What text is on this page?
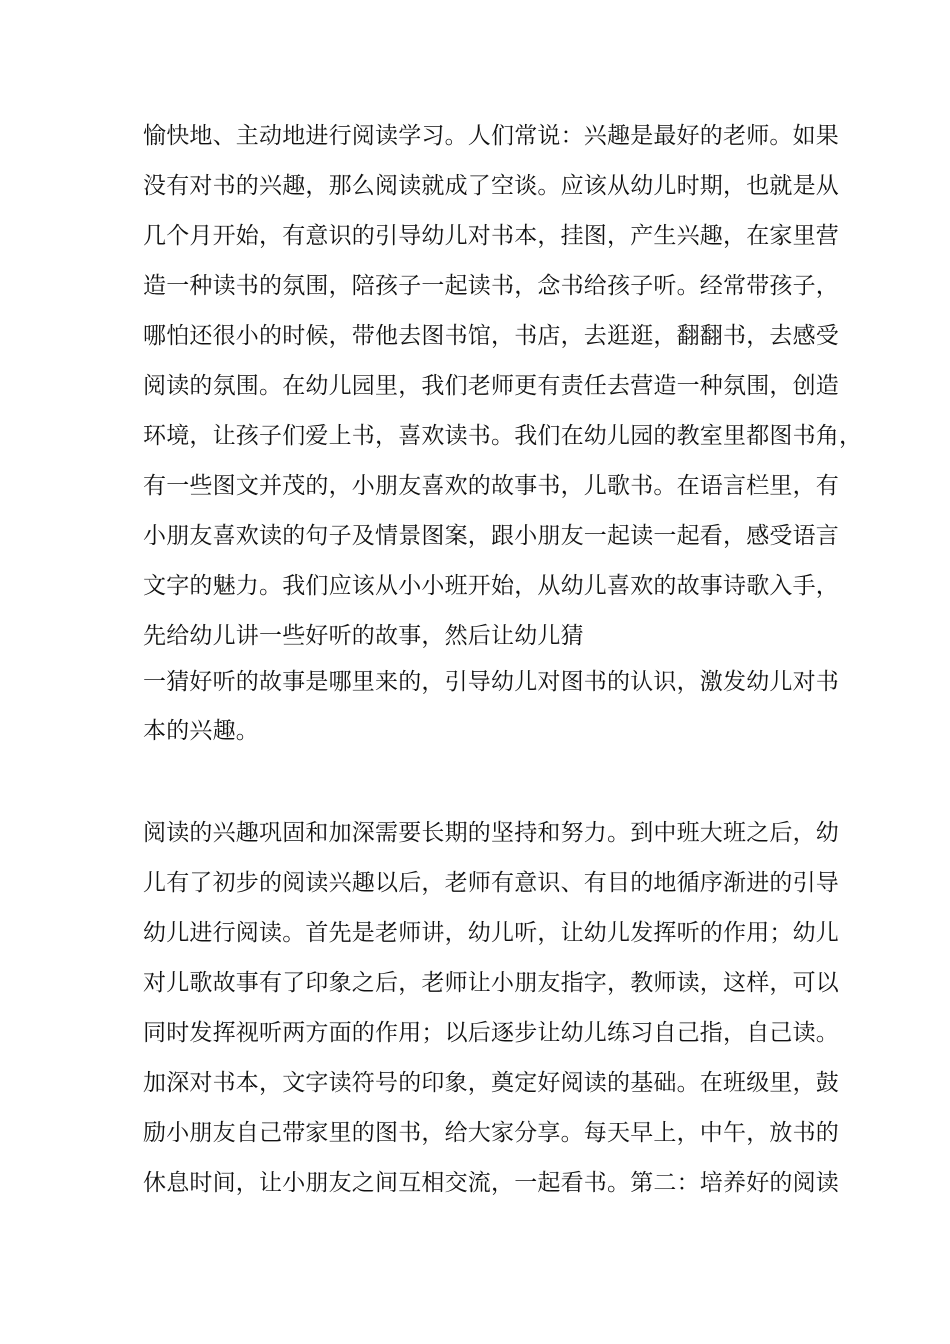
愉快地、主动地进行阅读学习。人们常说：兴趣是最好的老师。如果
没有对书的兴趣，那么阅读就成了空谈。应该从幼儿时期，也就是从
几个月开始，有意识的引导幼儿对书本，挂图，产生兴趣，在家里营
造一种读书的氛围，陪孩子一起读书，念书给孩子听。经常带孩子，
哪怕还很小的时候，带他去图书馆，书店，去逛逛，翻翻书，去感受
阅读的氛围。在幼儿园里，我们老师更有责任去营造一种氛围，创造
环境，让孩子们爱上书，喜欢读书。我们在幼儿园的教室里都图书角，
有一些图文并茂的，小朋友喜欢的故事书，儿歌书。在语言栏里，有
小朋友喜欢读的句子及情景图案，跟小朋友一起读一起看，感受语言
文字的魅力。我们应该从小小班开始，从幼儿喜欢的故事诗歌入手，
先给幼儿讲一些好听的故事，然后让幼儿猜
一猜好听的故事是哪里来的，引导幼儿对图书的认识，激发幼儿对书
本的兴趣。
阅读的兴趣巩固和加深需要长期的坚持和努力。到中班大班之后，幼
儿有了初步的阅读兴趣以后，老师有意识、有目的地循序渐进的引导
幼儿进行阅读。首先是老师讲，幼儿听，让幼儿发挥听的作用；幼儿
对儿歌故事有了印象之后，老师让小朋友指字，教师读，这样，可以
同时发挥视听两方面的作用；以后逐步让幼儿练习自己指，自己读。
加深对书本，文字读符号的印象，奠定好阅读的基础。在班级里，鼓
励小朋友自己带家里的图书，给大家分享。每天早上，中午，放书的
休息时间，让小朋友之间互相交流，一起看书。第二：培养好的阅读
